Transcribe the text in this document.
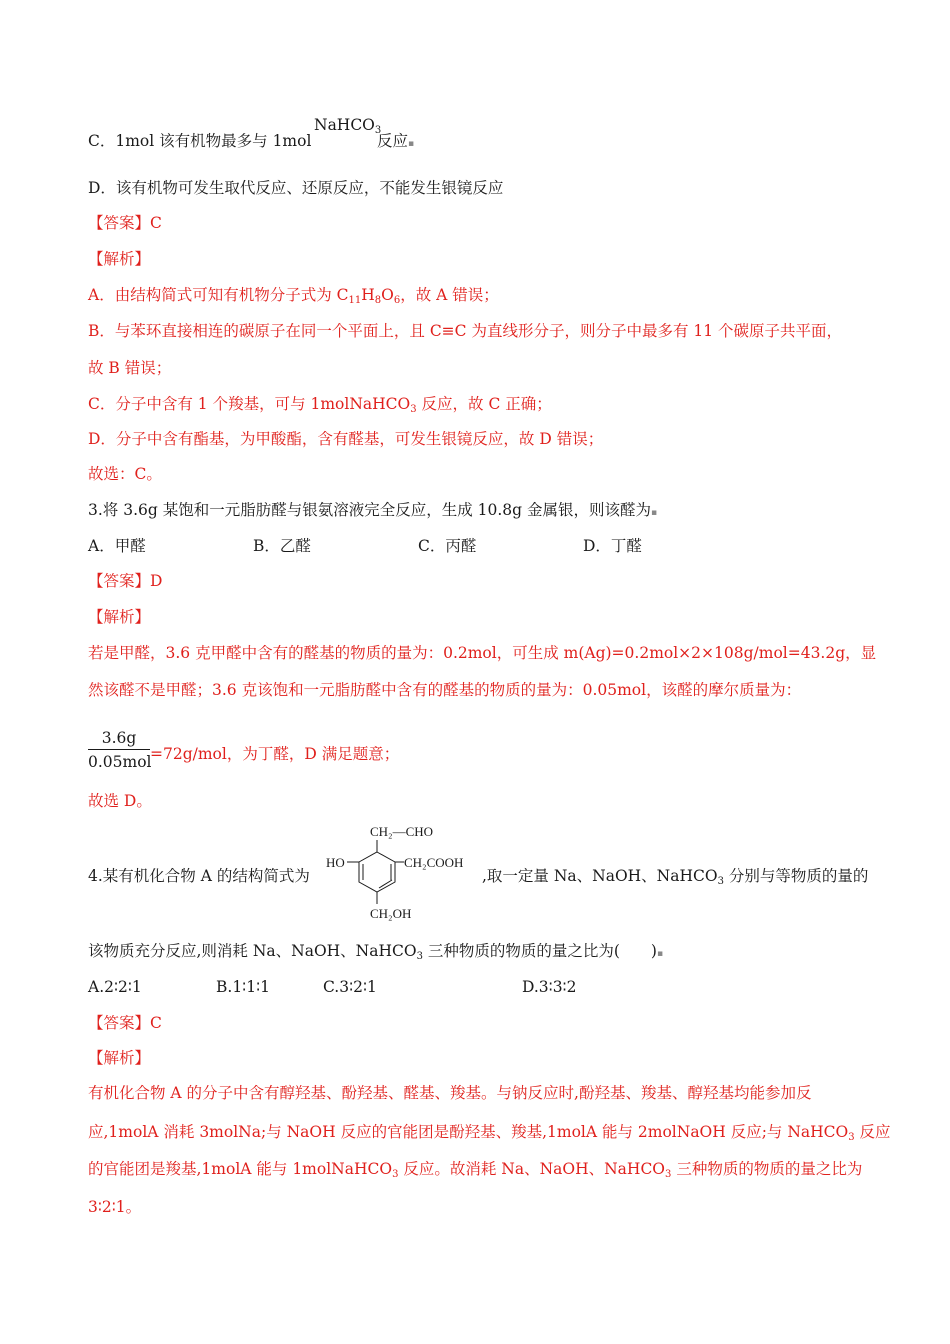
C．1mol 该有机物最多与 1mol
NaHCO$_3$
反应▪
D．该有机物可发生取代反应、还原反应，不能发生银镜反应
【答案】C
【解析】
A．由结构简式可知有机物分子式为 $C_{11}H_8O_6$，故 A 错误；
B．与苯环直接相连的碳原子在同一个平面上，且 C≡C 为直线形分子，则分子中最多有 11 个碳原子共平面，
故 B 错误；
C．分子中含有 1 个羧基，可与 1molNaHCO$_3$ 反应，故 C 正确；
D．分子中含有酯基，为甲酸酯，含有醛基，可发生银镜反应，故 D 错误；
故选：C。
3.将 3.6g 某饱和一元脂肪醛与银氨溶液完全反应，生成 10.8g 金属银，则该醛为▪
A．甲醛	B．乙醛	C．丙醛	D．丁醛
【答案】D
【解析】
若是甲醛，3.6 克甲醛中含有的醛基的物质的量为：0.2mol，可生成 m(Ag)=0.2mol×2×108g/mol=43.2g，显
然该醛不是甲醛；3.6 克该饱和一元脂肪醛中含有的醛基的物质的量为：0.05mol，该醛的摩尔质量为：
3.6g
0.05mol
=72g/mol，为丁醛，D 满足题意；
故选 D。
4.某有机化合物 A 的结构简式为
CH₂—CHO
HO	CH₂COOH
CH₂OH
,取一定量 Na、NaOH、NaHCO$_3$ 分别与等物质的量的
该物质充分反应,则消耗 Na、NaOH、NaHCO$_3$ 三种物质的物质的量之比为(　　)▪
A.2∶2∶1	B.1∶1∶1	C.3∶2∶1	D.3∶3∶2
【答案】C
【解析】
有机化合物 A 的分子中含有醇羟基、酚羟基、醛基、羧基。与钠反应时,酚羟基、羧基、醇羟基均能参加反
应,1molA 消耗 3molNa;与 NaOH 反应的官能团是酚羟基、羧基,1molA 能与 2molNaOH 反应;与 NaHCO$_3$ 反应
的官能团是羧基,1molA 能与 1molNaHCO$_3$ 反应。故消耗 Na、NaOH、NaHCO$_3$ 三种物质的物质的量之比为
3∶2∶1。
